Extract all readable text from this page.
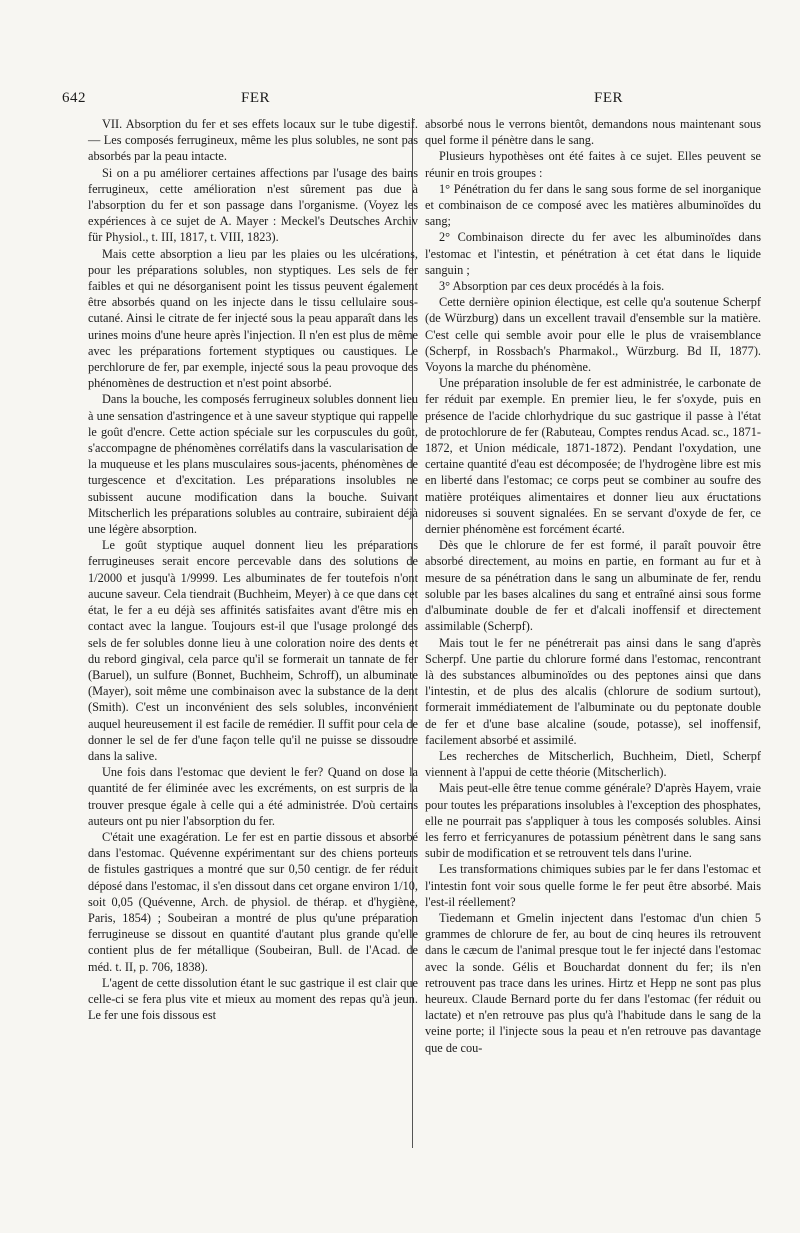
642	FER	FER

VII. Absorption du fer et ses effets locaux sur le tube digestif. — Les composés ferrugineux, même les plus solubles, ne sont pas absorbés par la peau intacte.

Si on a pu améliorer certaines affections par l'usage des bains ferrugineux, cette amélioration n'est sûrement pas due à l'absorption du fer et son passage dans l'organisme. (Voyez les expériences à ce sujet de A. Mayer : Meckel's Deutsches Archiv für Physiol., t. III, 1817, t. VIII, 1823).

Mais cette absorption a lieu par les plaies ou les ulcérations, pour les préparations solubles, non styptiques. Les sels de fer faibles et qui ne désorganisent point les tissus peuvent également être absorbés quand on les injecte dans le tissu cellulaire sous-cutané. Ainsi le citrate de fer injecté sous la peau apparaît dans les urines moins d'une heure après l'injection. Il n'en est plus de même avec les préparations fortement styptiques ou caustiques. Le perchlorure de fer, par exemple, injecté sous la peau provoque des phénomènes de destruction et n'est point absorbé.

Dans la bouche, les composés ferrugineux solubles donnent lieu à une sensation d'astringence et à une saveur styptique qui rappelle le goût d'encre. Cette action spéciale sur les corpuscules du goût, s'accompagne de phénomènes corrélatifs dans la vascularisation de la muqueuse et les plans musculaires sous-jacents, phénomènes de turgescence et d'excitation. Les préparations insolubles ne subissent aucune modification dans la bouche. Suivant Mitscherlich les préparations solubles au contraire, subiraient déjà une légère absorption.

Le goût styptique auquel donnent lieu les préparations ferrugineuses serait encore percevable dans des solutions de 1/2000 et jusqu'à 1/9999. Les albuminates de fer toutefois n'ont aucune saveur. Cela tiendrait (Buchheim, Meyer) à ce que dans cet état, le fer a eu déjà ses affinités satisfaites avant d'être mis en contact avec la langue. Toujours est-il que l'usage prolongé des sels de fer solubles donne lieu à une coloration noire des dents et du rebord gingival, cela parce qu'il se formerait un tannate de fer (Baruel), un sulfure (Bonnet, Buchheim, Schroff), un albuminate (Mayer), soit même une combinaison avec la substance de la dent (Smith). C'est un inconvénient des sels solubles, inconvénient auquel heureusement il est facile de remédier. Il suffit pour cela de donner le sel de fer d'une façon telle qu'il ne puisse se dissoudre dans la salive.

Une fois dans l'estomac que devient le fer? Quand on dose la quantité de fer éliminée avec les excréments, on est surpris de la trouver presque égale à celle qui a été administrée. D'où certains auteurs ont pu nier l'absorption du fer.

C'était une exagération. Le fer est en partie dissous et absorbé dans l'estomac. Quévenne expérimentant sur des chiens porteurs de fistules gastriques a montré que sur 0,50 centigr. de fer réduit déposé dans l'estomac, il s'en dissout dans cet organe environ 1/10, soit 0,05 (Quévenne, Arch. de physiol. de thérap. et d'hygiène, Paris, 1854) ; Soubeiran a montré de plus qu'une préparation ferrugineuse se dissout en quantité d'autant plus grande qu'elle contient plus de fer métallique (Soubeiran, Bull. de l'Acad. de méd. t. II, p. 706, 1838).

L'agent de cette dissolution étant le suc gastrique il est clair que celle-ci se fera plus vite et mieux au moment des repas qu'à jeun. Le fer une fois dissous est

absorbé nous le verrons bientôt, demandons nous maintenant sous quel forme il pénètre dans le sang.

Plusieurs hypothèses ont été faites à ce sujet. Elles peuvent se réunir en trois groupes :

1° Pénétration du fer dans le sang sous forme de sel inorganique et combinaison de ce composé avec les matières albuminoïdes du sang;

2° Combinaison directe du fer avec les albuminoïdes dans l'estomac et l'intestin, et pénétration à cet état dans le liquide sanguin ;

3° Absorption par ces deux procédés à la fois.

Cette dernière opinion électique, est celle qu'a soutenue Scherpf (de Würzburg) dans un excellent travail d'ensemble sur la matière. C'est celle qui semble avoir pour elle le plus de vraisemblance (Scherpf, in Rossbach's Pharmakol., Würzburg. Bd II, 1877). Voyons la marche du phénomène.

Une préparation insoluble de fer est administrée, le carbonate de fer réduit par exemple. En premier lieu, le fer s'oxyde, puis en présence de l'acide chlorhydrique du suc gastrique il passe à l'état de protochlorure de fer (Rabuteau, Comptes rendus Acad. sc., 1871-1872, et Union médicale, 1871-1872). Pendant l'oxydation, une certaine quantité d'eau est décomposée; de l'hydrogène libre est mis en liberté dans l'estomac; ce corps peut se combiner au soufre des matière protéiques alimentaires et donner lieu aux éructations nidoreuses si souvent signalées. En se servant d'oxyde de fer, ce dernier phénomène est forcément écarté.

Dès que le chlorure de fer est formé, il paraît pouvoir être absorbé directement, au moins en partie, en formant au fur et à mesure de sa pénétration dans le sang un albuminate de fer, rendu soluble par les bases alcalines du sang et entraîné ainsi sous forme d'albuminate double de fer et d'alcali inoffensif et directement assimilable (Scherpf).

Mais tout le fer ne pénétrerait pas ainsi dans le sang d'après Scherpf. Une partie du chlorure formé dans l'estomac, rencontrant là des substances albuminoïdes ou des peptones ainsi que dans l'intestin, et de plus des alcalis (chlorure de sodium surtout), formerait immédiatement de l'albuminate ou du peptonate double de fer et d'une base alcaline (soude, potasse), sel inoffensif, facilement absorbé et assimilé.

Les recherches de Mitscherlich, Buchheim, Dietl, Scherpf viennent à l'appui de cette théorie (Mitscherlich).

Mais peut-elle être tenue comme générale? D'après Hayem, vraie pour toutes les préparations insolubles à l'exception des phosphates, elle ne pourrait pas s'appliquer à tous les composés solubles. Ainsi les ferro et ferricyanures de potassium pénètrent dans le sang sans subir de modification et se retrouvent tels dans l'urine.

Les transformations chimiques subies par le fer dans l'estomac et l'intestin font voir sous quelle forme le fer peut être absorbé. Mais l'est-il réellement?

Tiedemann et Gmelin injectent dans l'estomac d'un chien 5 grammes de chlorure de fer, au bout de cinq heures ils retrouvent dans le cæcum de l'animal presque tout le fer injecté dans l'estomac avec la sonde. Gélis et Bouchardat donnent du fer; ils n'en retrouvent pas trace dans les urines. Hirtz et Hepp ne sont pas plus heureux. Claude Bernard porte du fer dans l'estomac (fer réduit ou lactate) et n'en retrouve pas plus qu'à l'habitude dans le sang de la veine porte; il l'injecte sous la peau et n'en retrouve pas davantage que de cou-
